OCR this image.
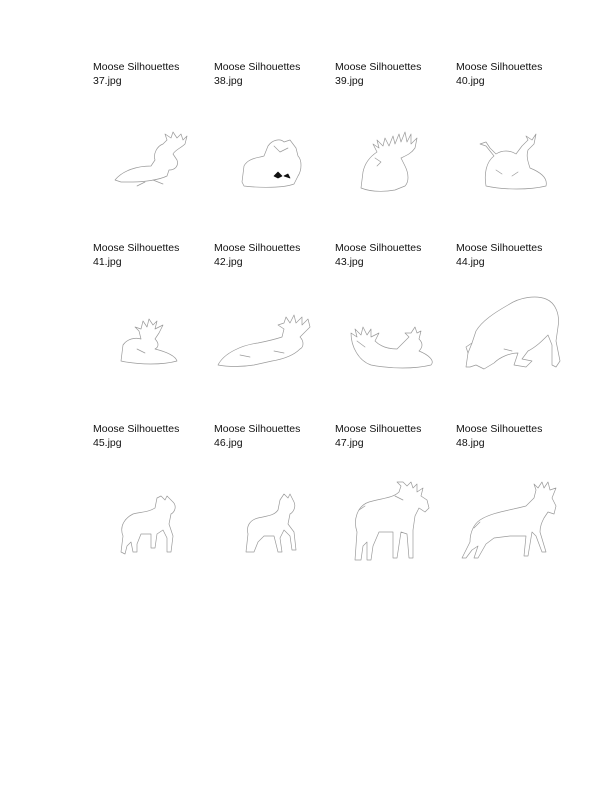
Moose Silhouettes
37.jpg
Moose Silhouettes
38.jpg
Moose Silhouettes
39.jpg
Moose Silhouettes
40.jpg
Moose Silhouettes
41.jpg
Moose Silhouettes
42.jpg
Moose Silhouettes
43.jpg
Moose Silhouettes
44.jpg
Moose Silhouettes
45.jpg
Moose Silhouettes
46.jpg
Moose Silhouettes
47.jpg
Moose Silhouettes
48.jpg
